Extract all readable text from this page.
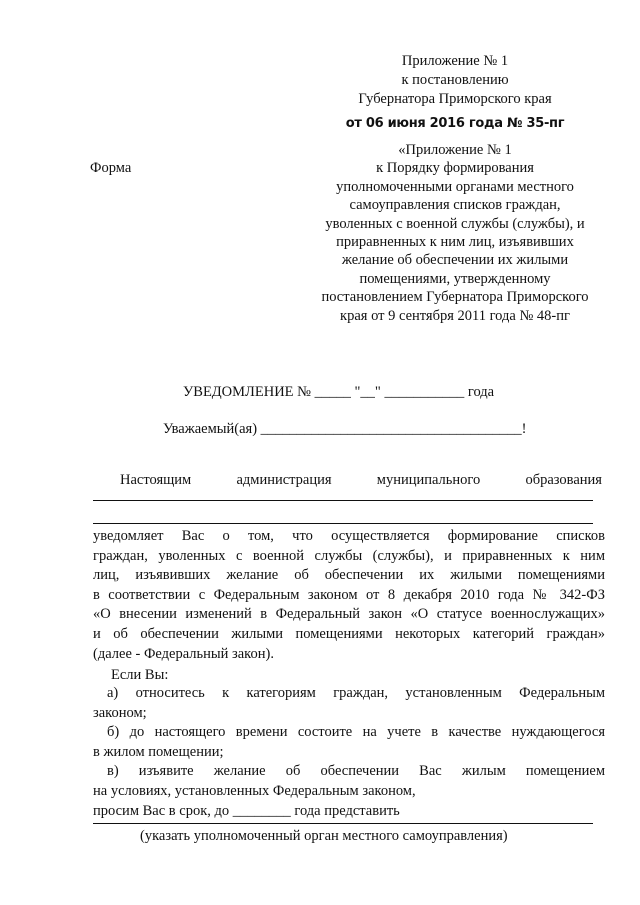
Приложение № 1
к постановлению
Губернатора Приморского края
от 06 июня 2016 года № 35-пг
«Приложение № 1
к Порядку формирования
уполномоченными органами местного
самоуправления списков граждан,
уволенных с военной службы (службы), и
приравненных к ним лиц, изъявивших
желание об обеспечении их жилыми
помещениями, утвержденному
постановлением Губернатора Приморского
края от 9 сентября 2011 года № 48-пг
Форма
УВЕДОМЛЕНИЕ № _____ "__" ___________ года
Уважаемый(ая) ____________________________________!
Настоящим	администрация	муниципального	образования
уведомляет Вас о том, что осуществляется формирование списков
граждан, уволенных с военной службы (службы), и приравненных к ним
лиц, изъявивших желание об обеспечении их жилыми помещениями
в соответствии с Федеральным законом от 8 декабря 2010 года № 342-ФЗ
«О внесении изменений в Федеральный закон «О статусе военнослужащих»
и об обеспечении жилыми помещениями некоторых категорий граждан»
(далее - Федеральный закон).
Если Вы:
а) относитесь к категориям граждан, установленным Федеральным
законом;
б) до настоящего времени состоите на учете в качестве нуждающегося
в жилом помещении;
в) изъявите желание об обеспечении Вас жилым помещением
на условиях, установленных Федеральным законом,
просим Вас в срок, до ________ года представить
(указать уполномоченный орган местного самоуправления)
